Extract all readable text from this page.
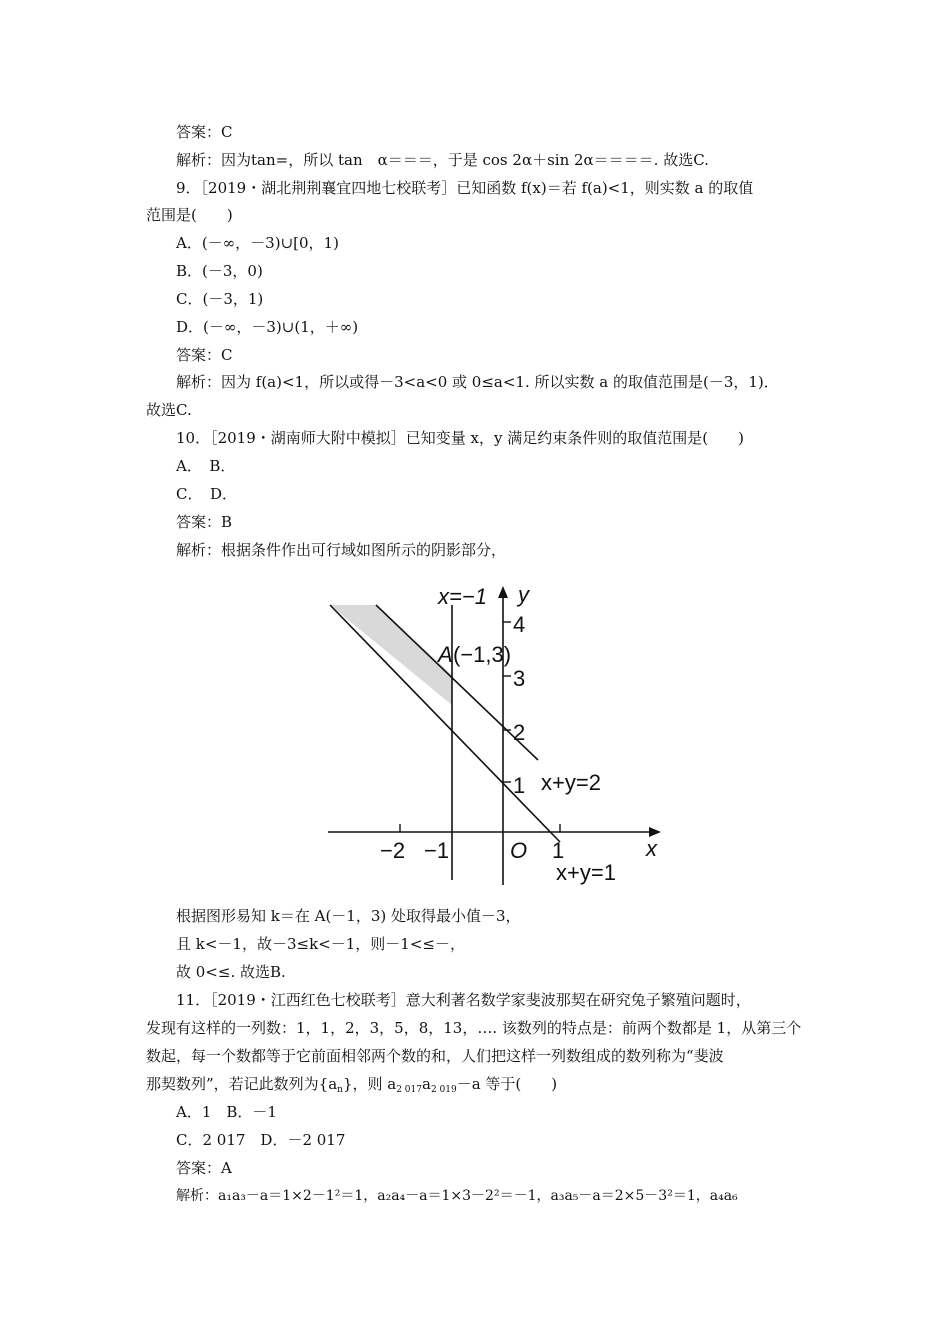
答案：C
解析：因为tan=，所以 tan　α＝＝＝，于是 cos 2α＋sin 2α＝＝＝＝. 故选C.
9．［2019・湖北荆荆襄宜四地七校联考］已知函数 f(x)＝若 f(a)<1，则实数 a 的取值
范围是(　　)
A．(－∞，－3)∪[0，1)
B．(－3，0)
C．(－3，1)
D．(－∞，－3)∪(1，＋∞)
答案：C
解析：因为 f(a)<1，所以或得－3<a<0 或 0≤a<1. 所以实数 a 的取值范围是(－3，1)．
故选C.
10．［2019・湖南师大附中模拟］已知变量 x，y 满足约束条件则的取值范围是(　　)
A．　B．
C．　D．
答案：B
解析：根据条件作出可行域如图所示的阴影部分，
x=−1 y
4
A (−1,3)
3
2
1 x+y=2
−2 −1	O 1	x
x+y=1
根据图形易知 k＝在 A(－1，3) 处取得最小值－3，
且 k<－1，故－3≤k<－1，则－1<≤－，
故 0<≤. 故选B.
11．［2019・江西红色七校联考］意大利著名数学家斐波那契在研究兔子繁殖问题时，
发现有这样的一列数：1，1，2，3，5，8，13，…. 该数列的特点是：前两个数都是 1，从第三个
数起，每一个数都等于它前面相邻两个数的和，人们把这样一列数组成的数列称为“斐波
那契数列”，若记此数列为$\{a_n\}$，则 $a_{2 017}a_{2 019}-a$ 等于(　　)
A．1　B．－1
C．2 017　D．－2 017
答案：A
解析：a₁a₃－a＝1×2－1²＝1，a₂a₄－a＝1×3－2²＝－1，a₃a₅－a＝2×5－3²＝1，a₄a₆
